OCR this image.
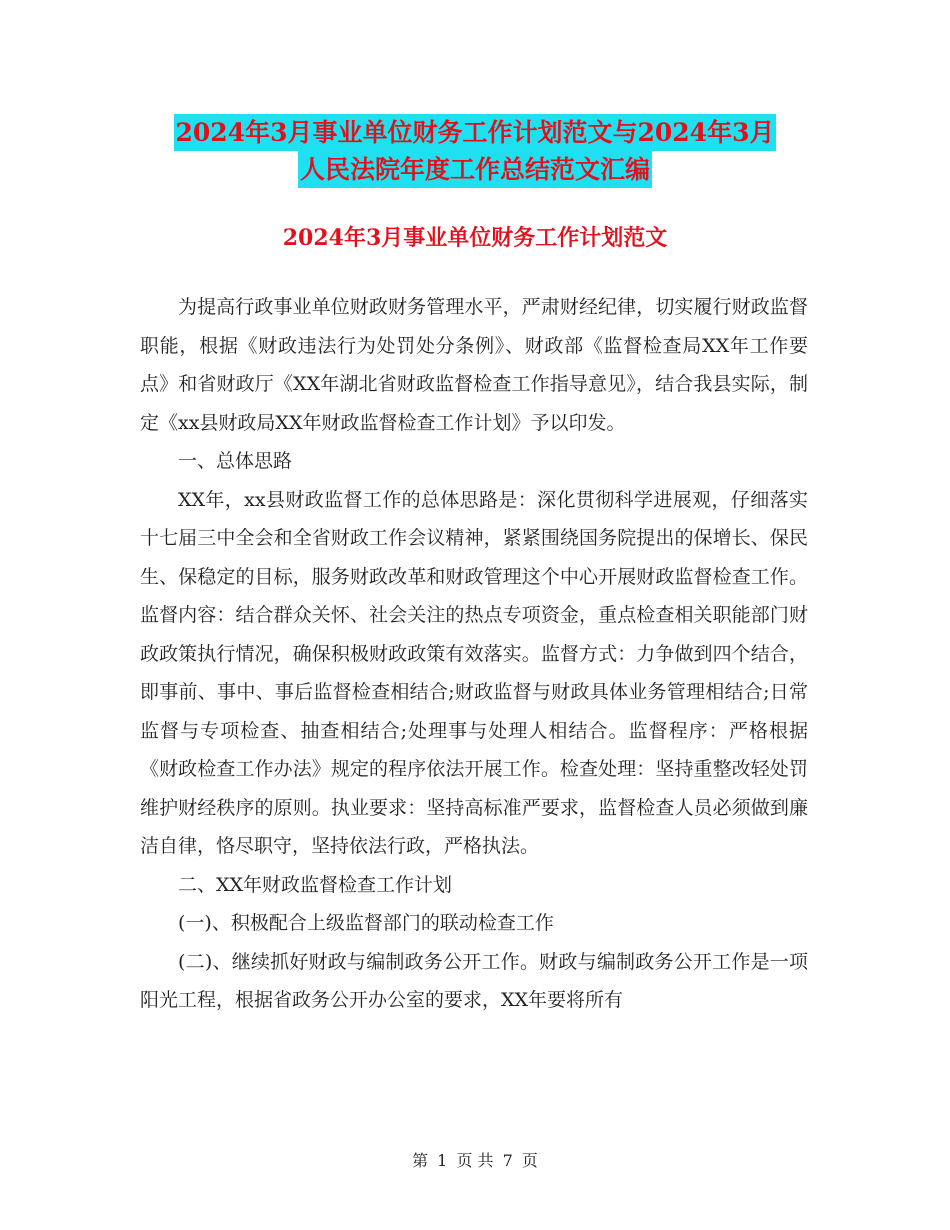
2024年3月事业单位财务工作计划范文与2024年3月
人民法院年度工作总结范文汇编
2024年3月事业单位财务工作计划范文

为提高行政事业单位财政财务管理水平，严肃财经纪律，切实履行财政监督职能，根据《财政违法行为处罚处分条例》、财政部《监督检查局XX年工作要点》和省财政厅《XX年湖北省财政监督检查工作指导意见》，结合我县实际，制定《xx县财政局XX年财政监督检查工作计划》予以印发。

一、总体思路

XX年，xx县财政监督工作的总体思路是：深化贯彻科学进展观，仔细落实十七届三中全会和全省财政工作会议精神，紧紧围绕国务院提出的保增长、保民生、保稳定的目标，服务财政改革和财政管理这个中心开展财政监督检查工作。监督内容：结合群众关怀、社会关注的热点专项资金，重点检查相关职能部门财政政策执行情况，确保积极财政政策有效落实。监督方式：力争做到四个结合，即事前、事中、事后监督检查相结合;财政监督与财政具体业务管理相结合;日常监督与专项检查、抽查相结合;处理事与处理人相结合。监督程序：严格根据《财政检查工作办法》规定的程序依法开展工作。检查处理：坚持重整改轻处罚维护财经秩序的原则。执业要求：坚持高标准严要求，监督检查人员必须做到廉洁自律，恪尽职守，坚持依法行政，严格执法。

二、XX年财政监督检查工作计划

(一)、积极配合上级监督部门的联动检查工作

(二)、继续抓好财政与编制政务公开工作。财政与编制政务公开工作是一项阳光工程，根据省政务公开办公室的要求，XX年要将所有

第 1 页 共 7 页
